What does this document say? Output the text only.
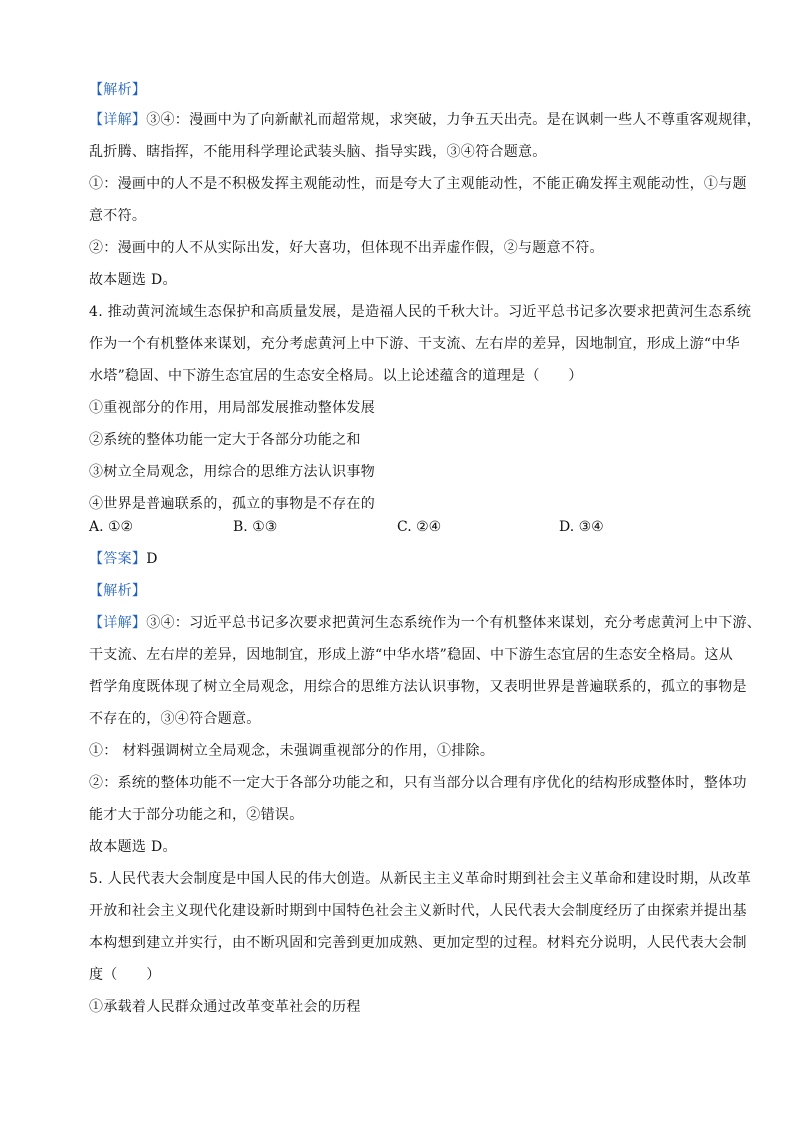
【解析】
【详解】③④：漫画中为了向新献礼而超常规，求突破，力争五天出壳。是在讽刺一些人不尊重客观规律，
乱折腾、瞎指挥，不能用科学理论武装头脑、指导实践，③④符合题意。
①：漫画中的人不是不积极发挥主观能动性，而是夸大了主观能动性，不能正确发挥主观能动性，①与题
意不符。
②：漫画中的人不从实际出发，好大喜功，但体现不出弄虚作假，②与题意不符。
故本题选 D。
4. 推动黄河流域生态保护和高质量发展，是造福人民的千秋大计。习近平总书记多次要求把黄河生态系统
作为一个有机整体来谋划，充分考虑黄河上中下游、干支流、左右岸的差异，因地制宜，形成上游“中华
水塔”稳固、中下游生态宜居的生态安全格局。以上论述蕴含的道理是（　　）
①重视部分的作用，用局部发展推动整体发展
②系统的整体功能一定大于各部分功能之和
③树立全局观念，用综合的思维方法认识事物
④世界是普遍联系的，孤立的事物是不存在的
A. ①②	B. ①③	C. ②④	D. ③④
【答案】D
【解析】
【详解】③④：习近平总书记多次要求把黄河生态系统作为一个有机整体来谋划，充分考虑黄河上中下游、
干支流、左右岸的差异，因地制宜，形成上游“中华水塔”稳固、中下游生态宜居的生态安全格局。这从
哲学角度既体现了树立全局观念，用综合的思维方法认识事物，又表明世界是普遍联系的，孤立的事物是
不存在的，③④符合题意。
①： 材料强调树立全局观念，未强调重视部分的作用，①排除。
②：系统的整体功能不一定大于各部分功能之和，只有当部分以合理有序优化的结构形成整体时，整体功
能才大于部分功能之和，②错误。
故本题选 D。
5. 人民代表大会制度是中国人民的伟大创造。从新民主主义革命时期到社会主义革命和建设时期，从改革
开放和社会主义现代化建设新时期到中国特色社会主义新时代，人民代表大会制度经历了由探索并提出基
本构想到建立并实行，由不断巩固和完善到更加成熟、更加定型的过程。材料充分说明，人民代表大会制
度（　　）
①承载着人民群众通过改革变革社会的历程
